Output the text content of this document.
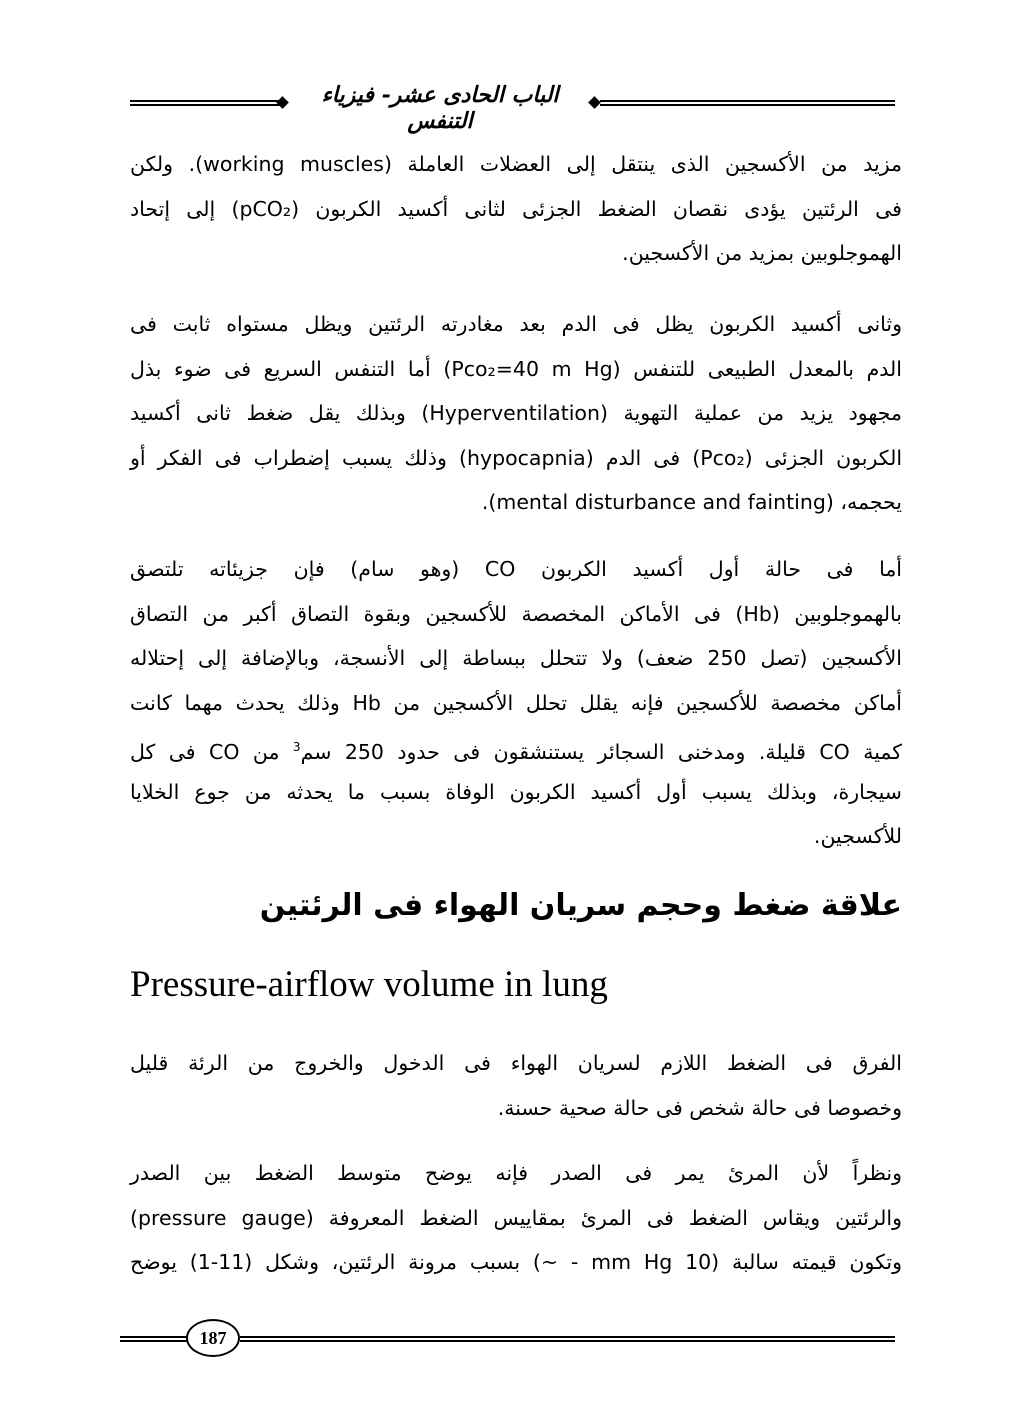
الباب الحادى عشر- فيزياء التنفس
مزيد من الأكسجين الذى ينتقل إلى العضلات العاملة (working muscles). ولكن
فى الرئتين يؤدى نقصان الضغط الجزئى لثانى أكسيد الكربون (pCO₂) إلى إتحاد
الهموجلوبين بمزيد من الأكسجين.
وثانى أكسيد الكربون يظل فى الدم بعد مغادرته الرئتين ويظل مستواه ثابت فى
الدم بالمعدل الطبيعى للتنفس (Pco₂=40 m Hg) أما التنفس السريع فى ضوء بذل
مجهود يزيد من عملية التهوية (Hyperventilation) وبذلك يقل ضغط ثانى أكسيد
الكربون الجزئى (Pco₂) فى الدم (hypocapnia) وذلك يسبب إضطراب فى الفكر أو
يحجمه، (mental disturbance and fainting).
أما فى حالة أول أكسيد الكربون CO (وهو سام) فإن جزيئاته تلتصق
بالهموجلوبين (Hb) فى الأماكن المخصصة للأكسجين وبقوة التصاق أكبر من التصاق
الأكسجين (تصل 250 ضعف) ولا تتحلل ببساطة إلى الأنسجة، وبالإضافة إلى إحتلاله
أماكن مخصصة للأكسجين فإنه يقلل تحلل الأكسجين من Hb وذلك يحدث مهما كانت
كمية CO قليلة. ومدخنى السجائر يستنشقون فى حدود 250 سم$^3$ من CO فى كل
سيجارة، وبذلك يسبب أول أكسيد الكربون الوفاة بسبب ما يحدثه من جوع الخلايا
للأكسجين.
علاقة ضغط وحجم سريان الهواء فى الرئتين
Pressure-airflow volume in lung
الفرق فى الضغط اللازم لسريان الهواء فى الدخول والخروج من الرئة قليل
وخصوصا فى حالة شخص فى حالة صحية حسنة.
ونظراً لأن المرئ يمر فى الصدر فإنه يوضح متوسط الضغط بين الصدر
والرئتين ويقاس الضغط فى المرئ بمقاييس الضغط المعروفة (pressure gauge)
وتكون قيمته سالبة (10 mm Hg - ~) بسبب مرونة الرئتين، وشكل (11-1) يوضح
187
